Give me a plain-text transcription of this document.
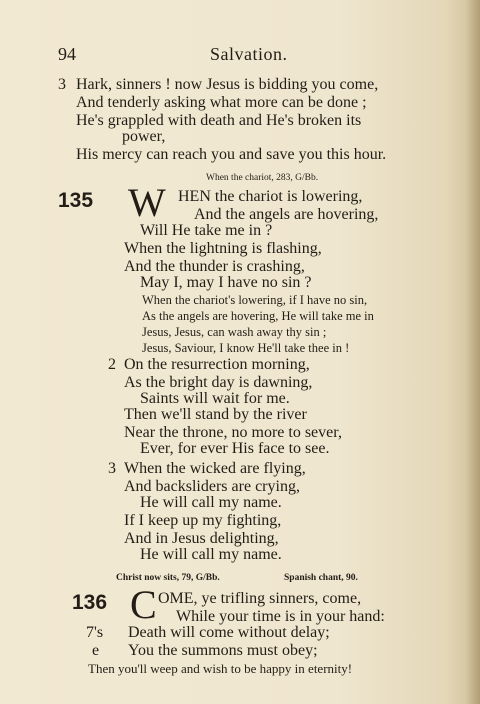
94	Salvation.
3 Hark, sinners ! now Jesus is bidding you come,
And tenderly asking what more can be done ;
He's grappled with death and He's broken its
power,
His mercy can reach you and save you this hour.
When the chariot, 283, G/Bb.
135 W HEN the chariot is lowering,
And the angels are hovering,
Will He take me in ?
When the lightning is flashing,
And the thunder is crashing,
May I, may I have no sin ?
When the chariot's lowering, if I have no sin,
As the angels are hovering, He will take me in
Jesus, Jesus, can wash away thy sin ;
Jesus, Saviour, I know He'll take thee in !
2 On the resurrection morning,
As the bright day is dawning,
Saints will wait for me.
Then we'll stand by the river
Near the throne, no more to sever,
Ever, for ever His face to see.
3 When the wicked are flying,
And backsliders are crying,
He will call my name.
If I keep up my fighting,
And in Jesus delighting,
He will call my name.
Christ now sits, 79, G/Bb.	Spanish chant, 90.
136 C OME, ye trifling sinners, come,
While your time is in your hand:
7's Death will come without delay;
e You the summons must obey;
Then you'll weep and wish to be happy in eternity!
